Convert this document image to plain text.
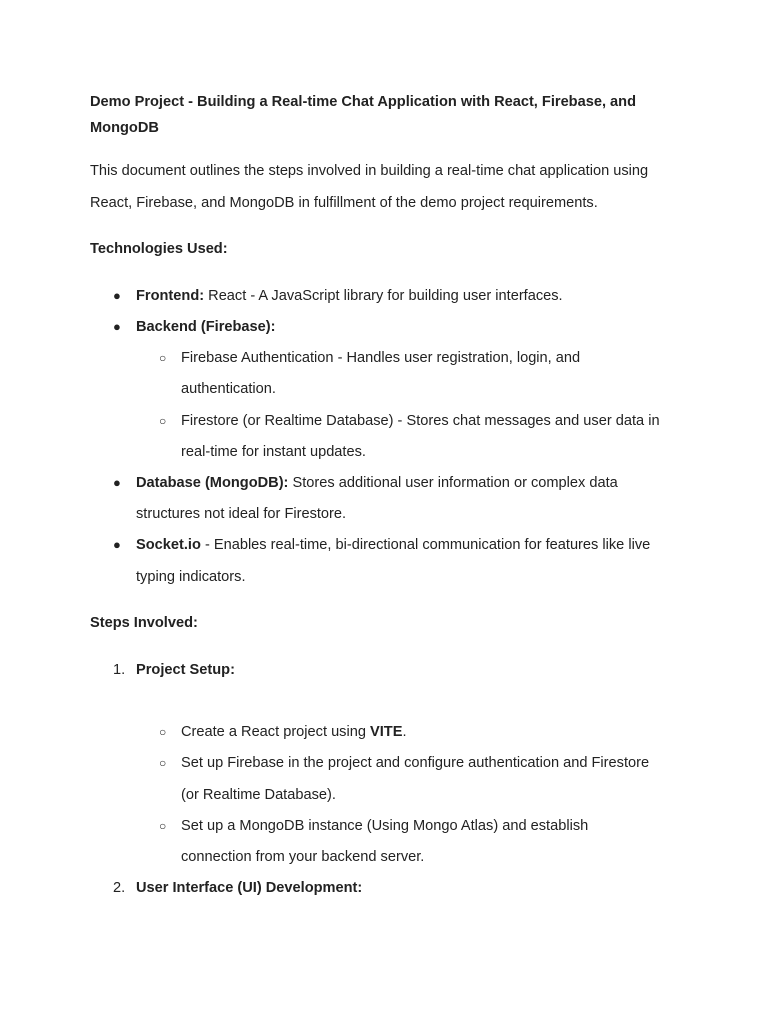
Demo Project - Building a Real-time Chat Application with React, Firebase, and MongoDB
This document outlines the steps involved in building a real-time chat application using React, Firebase, and MongoDB in fulfillment of the demo project requirements.
Technologies Used:
● Frontend: React - A JavaScript library for building user interfaces.
● Backend (Firebase):
○ Firebase Authentication - Handles user registration, login, and
authentication.
○ Firestore (or Realtime Database) - Stores chat messages and user data in
real-time for instant updates.
● Database (MongoDB): Stores additional user information or complex data
structures not ideal for Firestore.
● Socket.io - Enables real-time, bi-directional communication for features like live
typing indicators.
Steps Involved:
1. Project Setup:
○ Create a React project using VITE.
○ Set up Firebase in the project and configure authentication and Firestore
(or Realtime Database).
○ Set up a MongoDB instance (Using Mongo Atlas) and establish
connection from your backend server.
2. User Interface (UI) Development:
